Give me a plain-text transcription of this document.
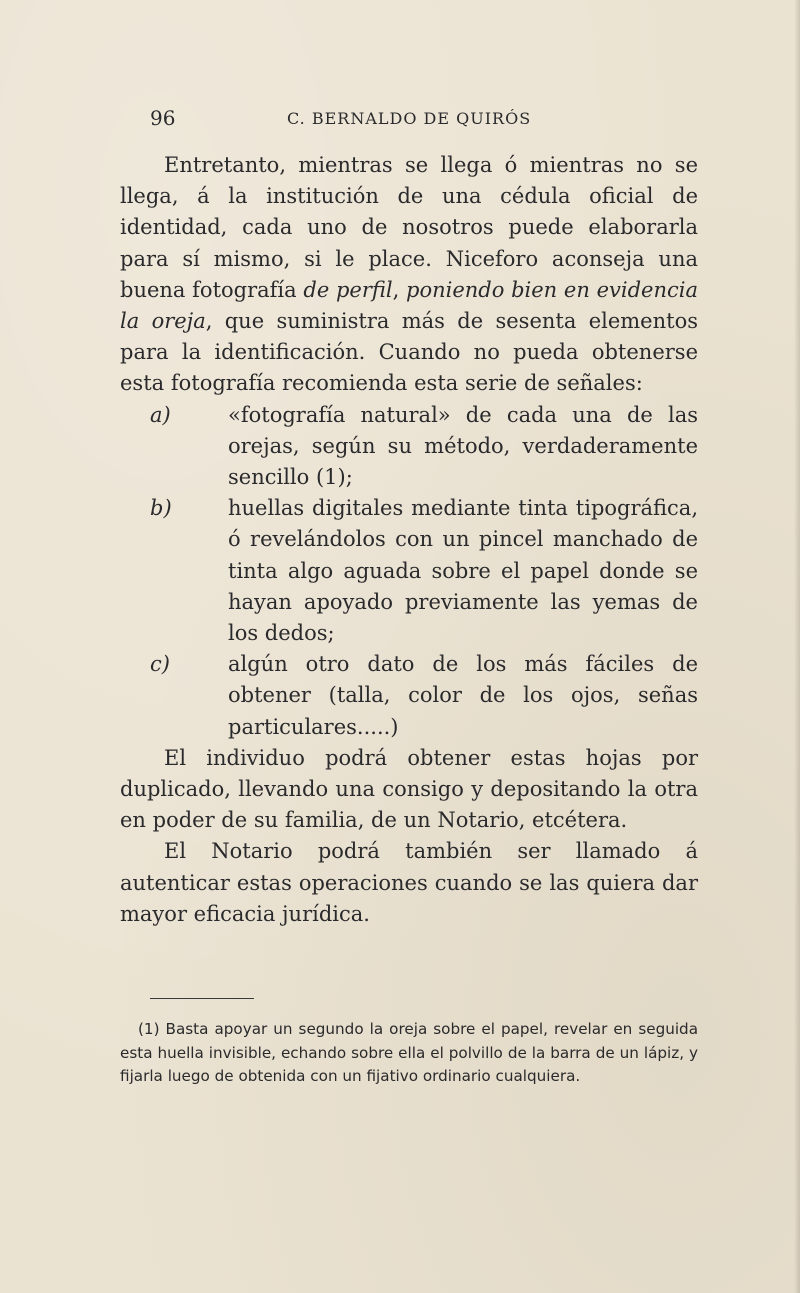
96	C. BERNALDO DE QUIRÓS

Entretanto, mientras se llega ó mientras no se llega, á la institución de una cédula oficial de identidad, cada uno de nosotros puede elaborarla para sí mismo, si le place. Niceforo aconseja una buena fotografía de perfil, poniendo bien en evidencia la oreja, que suministra más de sesenta elementos para la identificación. Cuando no pueda obtenerse esta fotografía recomienda esta serie de señales:

a)	«fotografía natural» de cada una de las orejas, según su método, verdaderamente sencillo (1);
b)	huellas digitales mediante tinta tipográfica, ó revelándolos con un pincel manchado de tinta algo aguada sobre el papel donde se hayan apoyado previamente las yemas de los dedos;
c)	algún otro dato de los más fáciles de obtener (talla, color de los ojos, señas particulares.....)

El individuo podrá obtener estas hojas por duplicado, llevando una consigo y depositando la otra en poder de su familia, de un Notario, etcétera.

El Notario podrá también ser llamado á autenticar estas operaciones cuando se las quiera dar mayor eficacia jurídica.

(1) Basta apoyar un segundo la oreja sobre el papel, revelar en seguida esta huella invisible, echando sobre ella el polvillo de la barra de un lápiz, y fijarla luego de obtenida con un fijativo ordinario cualquiera.
